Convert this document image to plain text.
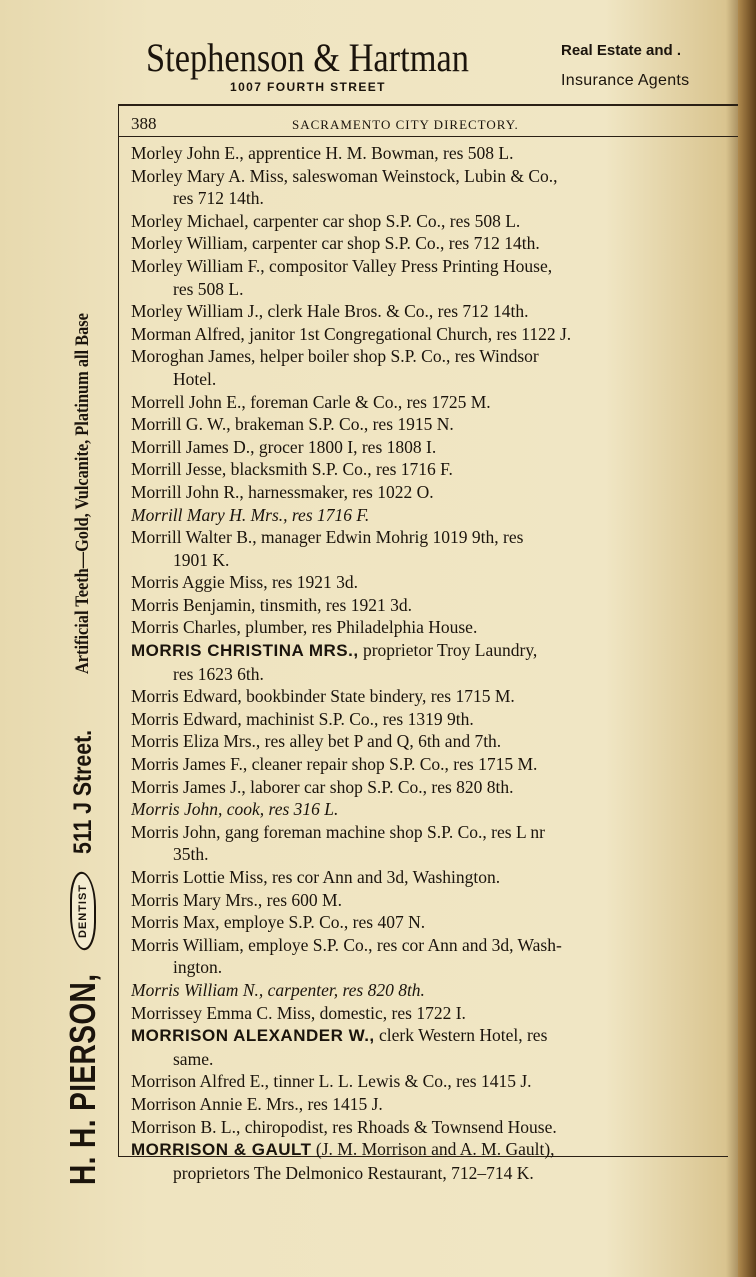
H. H. PIERSON,
DENTIST
511 J Street.
Artificial Teeth—Gold, Vulcanite, Platinum all Base
Stephenson & Hartman
1007 FOURTH STREET
Real Estate and .
Insurance Agents
388	SACRAMENTO CITY DIRECTORY.
Morley John E., apprentice H. M. Bowman, res 508 L.
Morley Mary A. Miss, saleswoman Weinstock, Lubin & Co.,
res 712 14th.
Morley Michael, carpenter car shop S.P. Co., res 508 L.
Morley William, carpenter car shop S.P. Co., res 712 14th.
Morley William F., compositor Valley Press Printing House,
res 508 L.
Morley William J., clerk Hale Bros. & Co., res 712 14th.
Morman Alfred, janitor 1st Congregational Church, res 1122 J.
Moroghan James, helper boiler shop S.P. Co., res Windsor
Hotel.
Morrell John E., foreman Carle & Co., res 1725 M.
Morrill G. W., brakeman S.P. Co., res 1915 N.
Morrill James D., grocer 1800 I, res 1808 I.
Morrill Jesse, blacksmith S.P. Co., res 1716 F.
Morrill John R., harnessmaker, res 1022 O.
Morrill Mary H. Mrs., res 1716 F.
Morrill Walter B., manager Edwin Mohrig 1019 9th, res
1901 K.
Morris Aggie Miss, res 1921 3d.
Morris Benjamin, tinsmith, res 1921 3d.
Morris Charles, plumber, res Philadelphia House.
MORRIS CHRISTINA MRS., proprietor Troy Laundry,
res 1623 6th.
Morris Edward, bookbinder State bindery, res 1715 M.
Morris Edward, machinist S.P. Co., res 1319 9th.
Morris Eliza Mrs., res alley bet P and Q, 6th and 7th.
Morris James F., cleaner repair shop S.P. Co., res 1715 M.
Morris James J., laborer car shop S.P. Co., res 820 8th.
Morris John, cook, res 316 L.
Morris John, gang foreman machine shop S.P. Co., res L nr
35th.
Morris Lottie Miss, res cor Ann and 3d, Washington.
Morris Mary Mrs., res 600 M.
Morris Max, employe S.P. Co., res 407 N.
Morris William, employe S.P. Co., res cor Ann and 3d, Wash-
ington.
Morris William N., carpenter, res 820 8th.
Morrissey Emma C. Miss, domestic, res 1722 I.
MORRISON ALEXANDER W., clerk Western Hotel, res
same.
Morrison Alfred E., tinner L. L. Lewis & Co., res 1415 J.
Morrison Annie E. Mrs., res 1415 J.
Morrison B. L., chiropodist, res Rhoads & Townsend House.
MORRISON & GAULT (J. M. Morrison and A. M. Gault),
proprietors The Delmonico Restaurant, 712–714 K.
